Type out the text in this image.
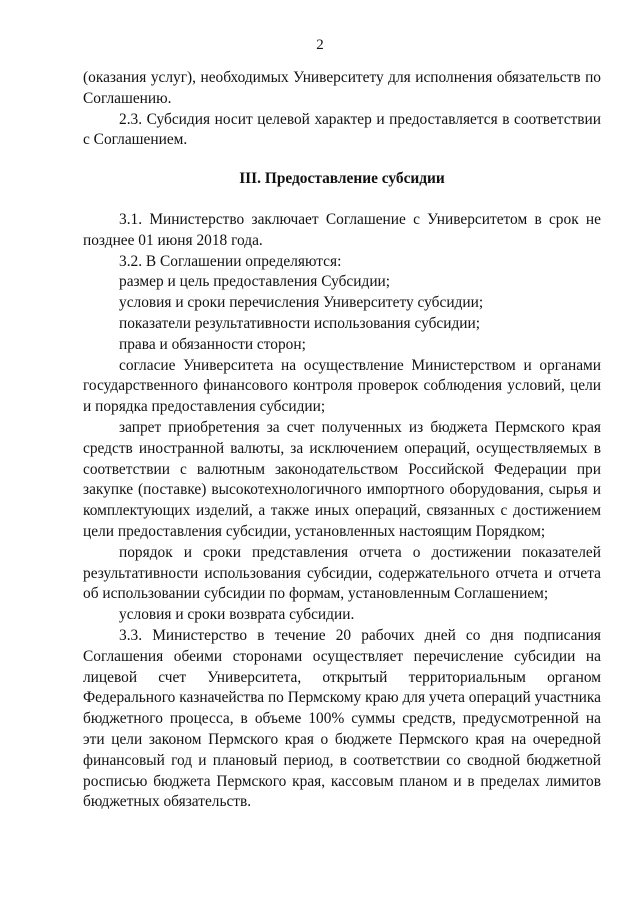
2

(оказания услуг), необходимых Университету для исполнения обязательств по Соглашению.

2.3. Субсидия носит целевой характер и предоставляется в соответствии с Соглашением.

III. Предоставление субсидии

3.1. Министерство заключает Соглашение с Университетом в срок не позднее 01 июня 2018 года.

3.2. В Соглашении определяются:

размер и цель предоставления Субсидии;

условия и сроки перечисления Университету субсидии;

показатели результативности использования субсидии;

права и обязанности сторон;

согласие Университета на осуществление Министерством и органами государственного финансового контроля проверок соблюдения условий, цели и порядка предоставления субсидии;

запрет приобретения за счет полученных из бюджета Пермского края средств иностранной валюты, за исключением операций, осуществляемых в соответствии с валютным законодательством Российской Федерации при закупке (поставке) высокотехнологичного импортного оборудования, сырья и комплектующих изделий, а также иных операций, связанных с достижением цели предоставления субсидии, установленных настоящим Порядком;

порядок и сроки представления отчета о достижении показателей результативности использования субсидии, содержательного отчета и отчета об использовании субсидии по формам, установленным Соглашением;

условия и сроки возврата субсидии.

3.3. Министерство в течение 20 рабочих дней со дня подписания Соглашения обеими сторонами осуществляет перечисление субсидии на лицевой счет Университета, открытый территориальным органом Федерального казначейства по Пермскому краю для учета операций участника бюджетного процесса, в объеме 100% суммы средств, предусмотренной на эти цели законом Пермского края о бюджете Пермского края на очередной финансовый год и плановый период, в соответствии со сводной бюджетной росписью бюджета Пермского края, кассовым планом и в пределах лимитов бюджетных обязательств.
